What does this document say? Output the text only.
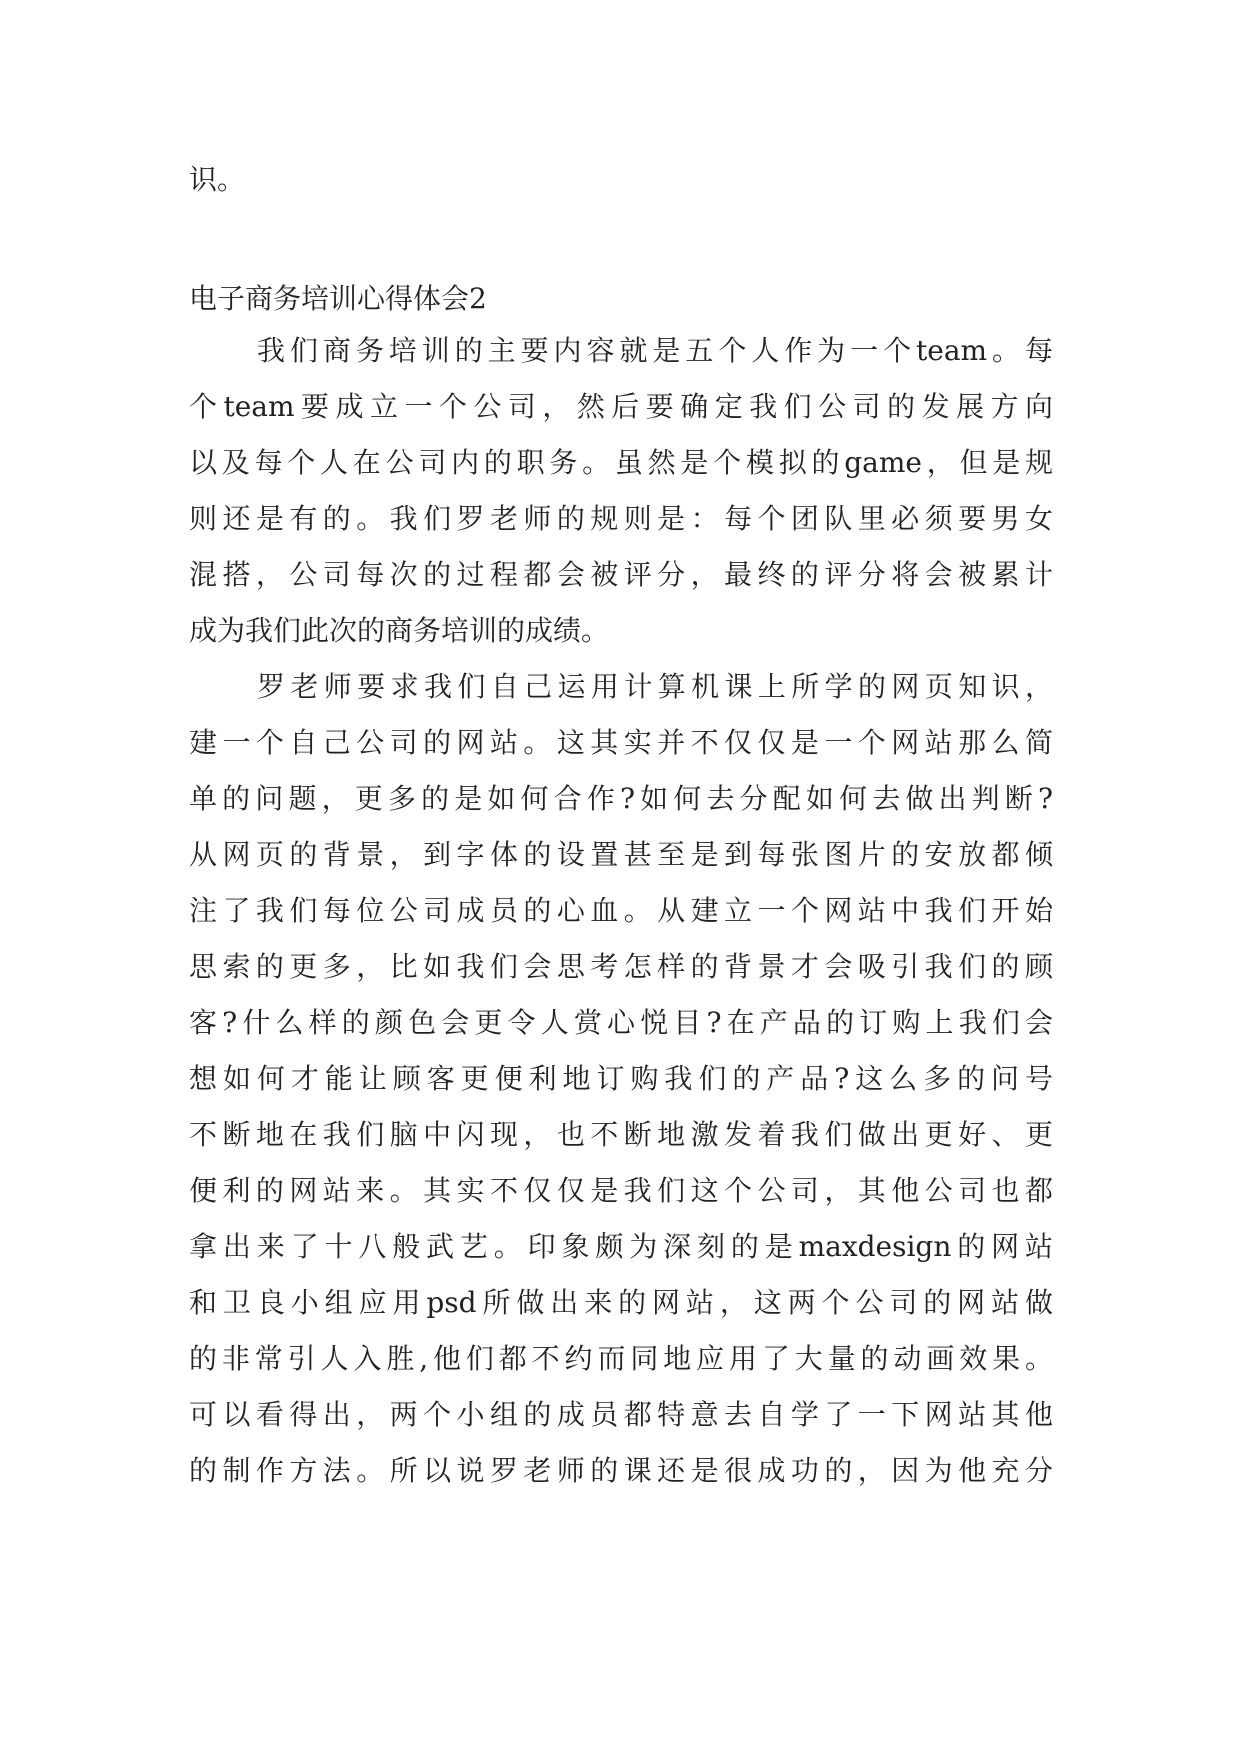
识。
电子商务培训心得体会2
我们商务培训的主要内容就是五个人作为一个team。每
个team要成立一个公司，然后要确定我们公司的发展方向
以及每个人在公司内的职务。虽然是个模拟的game，但是规
则还是有的。我们罗老师的规则是：每个团队里必须要男女
混搭，公司每次的过程都会被评分，最终的评分将会被累计
成为我们此次的商务培训的成绩。
罗老师要求我们自己运用计算机课上所学的网页知识，
建一个自己公司的网站。这其实并不仅仅是一个网站那么简
单的问题，更多的是如何合作?如何去分配如何去做出判断?
从网页的背景，到字体的设置甚至是到每张图片的安放都倾
注了我们每位公司成员的心血。从建立一个网站中我们开始
思索的更多，比如我们会思考怎样的背景才会吸引我们的顾
客?什么样的颜色会更令人赏心悦目?在产品的订购上我们会
想如何才能让顾客更便利地订购我们的产品?这么多的问号
不断地在我们脑中闪现，也不断地激发着我们做出更好、更
便利的网站来。其实不仅仅是我们这个公司，其他公司也都
拿出来了十八般武艺。印象颇为深刻的是maxdesign的网站
和卫良小组应用psd所做出来的网站，这两个公司的网站做
的非常引人入胜,他们都不约而同地应用了大量的动画效果。
可以看得出，两个小组的成员都特意去自学了一下网站其他
的制作方法。所以说罗老师的课还是很成功的，因为他充分
